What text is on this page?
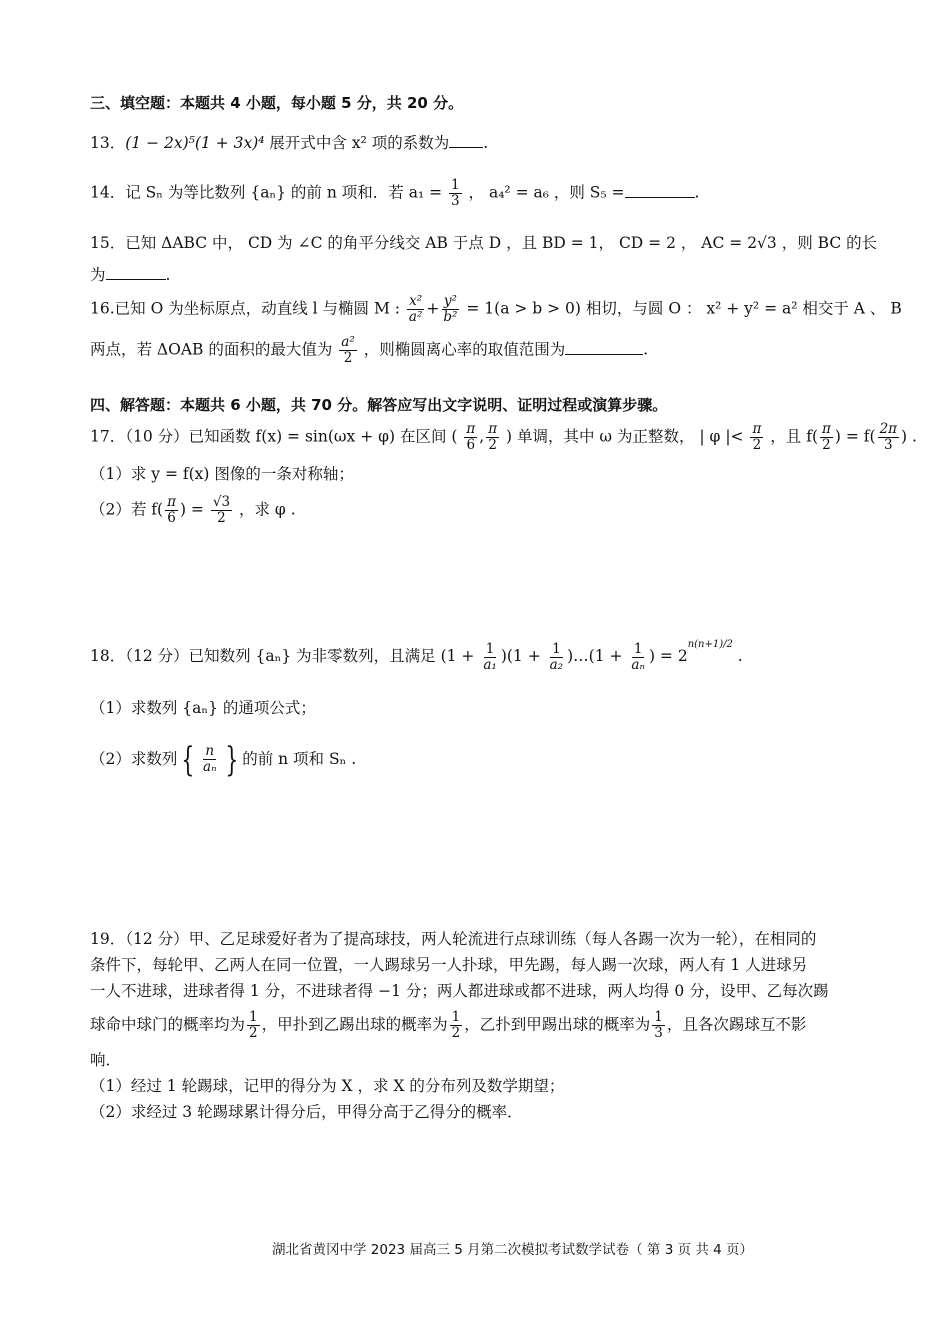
三、填空题：本题共 4 小题，每小题 5 分，共 20 分。
13．(1 − 2x)⁵(1 + 3x)⁴ 展开式中含 x² 项的系数为 .
14．记 Sₙ 为等比数列 {aₙ} 的前 n 项和．若 $a_1 = \frac{1}{3}$ ， a₄² = a₆ ，则 S₅ =	.
15．已知 ΔABC 中， CD 为 ∠C 的角平分线交 AB 于点 D ，且 BD = 1， CD = 2 ， AC = 2√3 ，则 BC 的长
为	.
16.已知 O 为坐标原点，动直线 l 与椭圆 M : $\frac{\text{x²}}{\text{a²}} + \frac{\text{y²}}{\text{b²}} = 1(a > b > 0)$ 相切，与圆 O ： x² + y² = a² 相交于 A 、 B
两点，若 ΔOAB 的面积的最大值为 $\frac{\text{a²}}{2}$ ，则椭圆离心率的取值范围为	.
四、解答题：本题共 6 小题，共 70 分。解答应写出文字说明、证明过程或演算步骤。
17．（10 分）已知函数 f(x) = sin(ωx + φ) 在区间 ( $\frac{\pi}{6}$ , $\frac{\pi}{2}$ ) 单调，其中 ω 为正整数， | φ |< $\frac{\pi}{2}$ ，且 $f( \frac{\pi}{2}$ ) = $f( \frac{2\pi}{3}$ ) .
（1）求 y = f(x) 图像的一条对称轴；
（2）若 $f( \frac{\pi}{6}$ ) = $\frac{√3}{2}$ ，求 φ .
18．（12 分）已知数列 {aₙ} 为非零数列，且满足 $(1 + \frac{1}{\text{a₁}} )(1 + \frac{1}{\text{a₂}}$ )…(1 + $\frac{1}{\text{aₙ}}$ ) = $2^{n(n+1)/2}$ .
（1）求数列 {aₙ} 的通项公式；
（2）求数列 { $\frac{n}{\text{aₙ}}$ } 的前 n 项和 Sₙ .
19．（12 分）甲、乙足球爱好者为了提高球技，两人轮流进行点球训练（每人各踢一次为一轮），在相同的
条件下，每轮甲、乙两人在同一位置，一人踢球另一人扑球，甲先踢，每人踢一次球，两人有 1 人进球另
一人不进球，进球者得 1 分，不进球者得 −1 分；两人都进球或都不进球，两人均得 0 分，设甲、乙每次踢
球命中球门的概率均为 $\frac{1}{2}$ ，甲扑到乙踢出球的概率为 $\frac{1}{2}$ ，乙扑到甲踢出球的概率为 $\frac{1}{3}$ ，且各次踢球互不影
响．
（1）经过 1 轮踢球，记甲的得分为 X ，求 X 的分布列及数学期望；
（2）求经过 3 轮踢球累计得分后，甲得分高于乙得分的概率．
湖北省黄冈中学 2023 届高三 5 月第二次模拟考试数学试卷（ 第 3 页 共 4 页）
